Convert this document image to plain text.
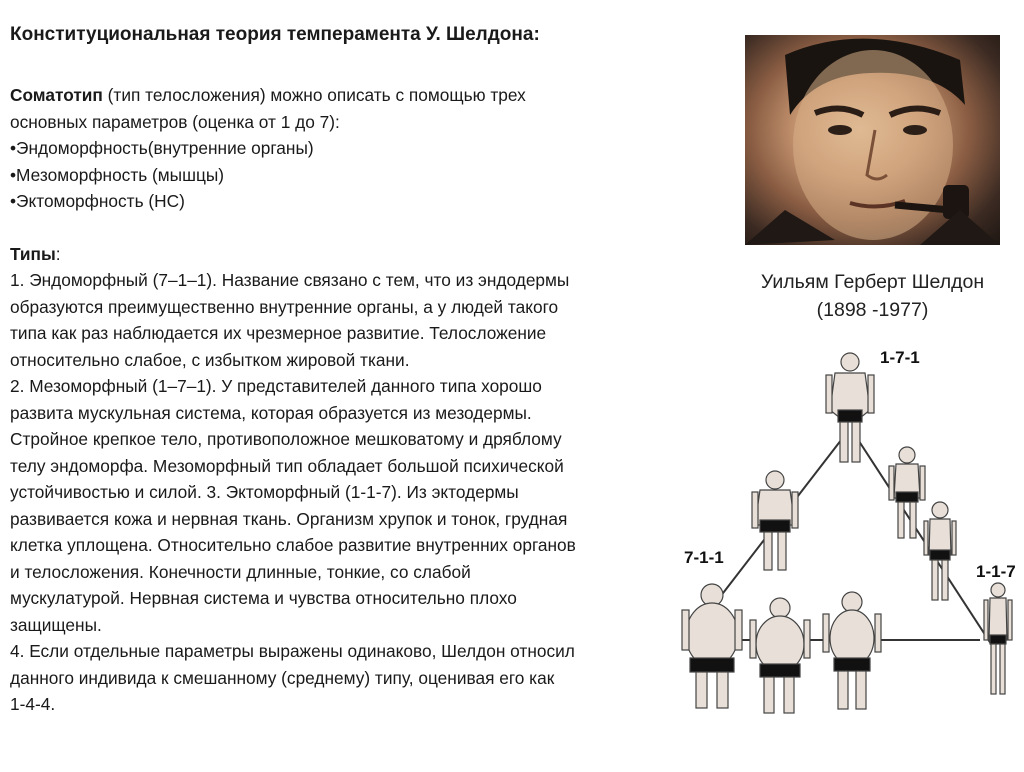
Конституциональная теория темперамента У. Шелдона:

Соматотип (тип телосложения) можно описать с помощью трех

основных параметров (оценка от 1 до 7):

•Эндоморфность(внутренние органы)

•Мезоморфность (мышцы)

•Эктоморфность (НС)

Типы:

1. Эндоморфный (7–1–1). Название связано с тем, что из эндодермы

образуются преимущественно внутренние органы, а у людей такого

типа как раз наблюдается их чрезмерное развитие. Телосложение

относительно слабое, с избытком жировой ткани.

2. Мезоморфный (1–7–1). У представителей данного типа хорошо

развита мускульная система, которая образуется из мезодермы.

Стройное крепкое тело, противоположное мешковатому и дряблому

телу эндоморфа. Мезоморфный тип обладает большой психической

устойчивостью и силой. 3. Эктоморфный (1-1-7). Из эктодермы

развивается кожа и нервная ткань. Организм хрупок и тонок, грудная

клетка уплощена. Относительно слабое развитие внутренних органов

и телосложения. Конечности длинные, тонкие, со слабой

мускулатурой. Нервная система и чувства относительно плохо

защищены.

4. Если отдельные параметры выражены одинаково, Шелдон относил

данного индивида к смешанному (среднему) типу, оценивая его как

1-4-4.

Уильям Герберт Шелдон
(1898 -1977)
1-7-1
7-1-1
1-1-7
